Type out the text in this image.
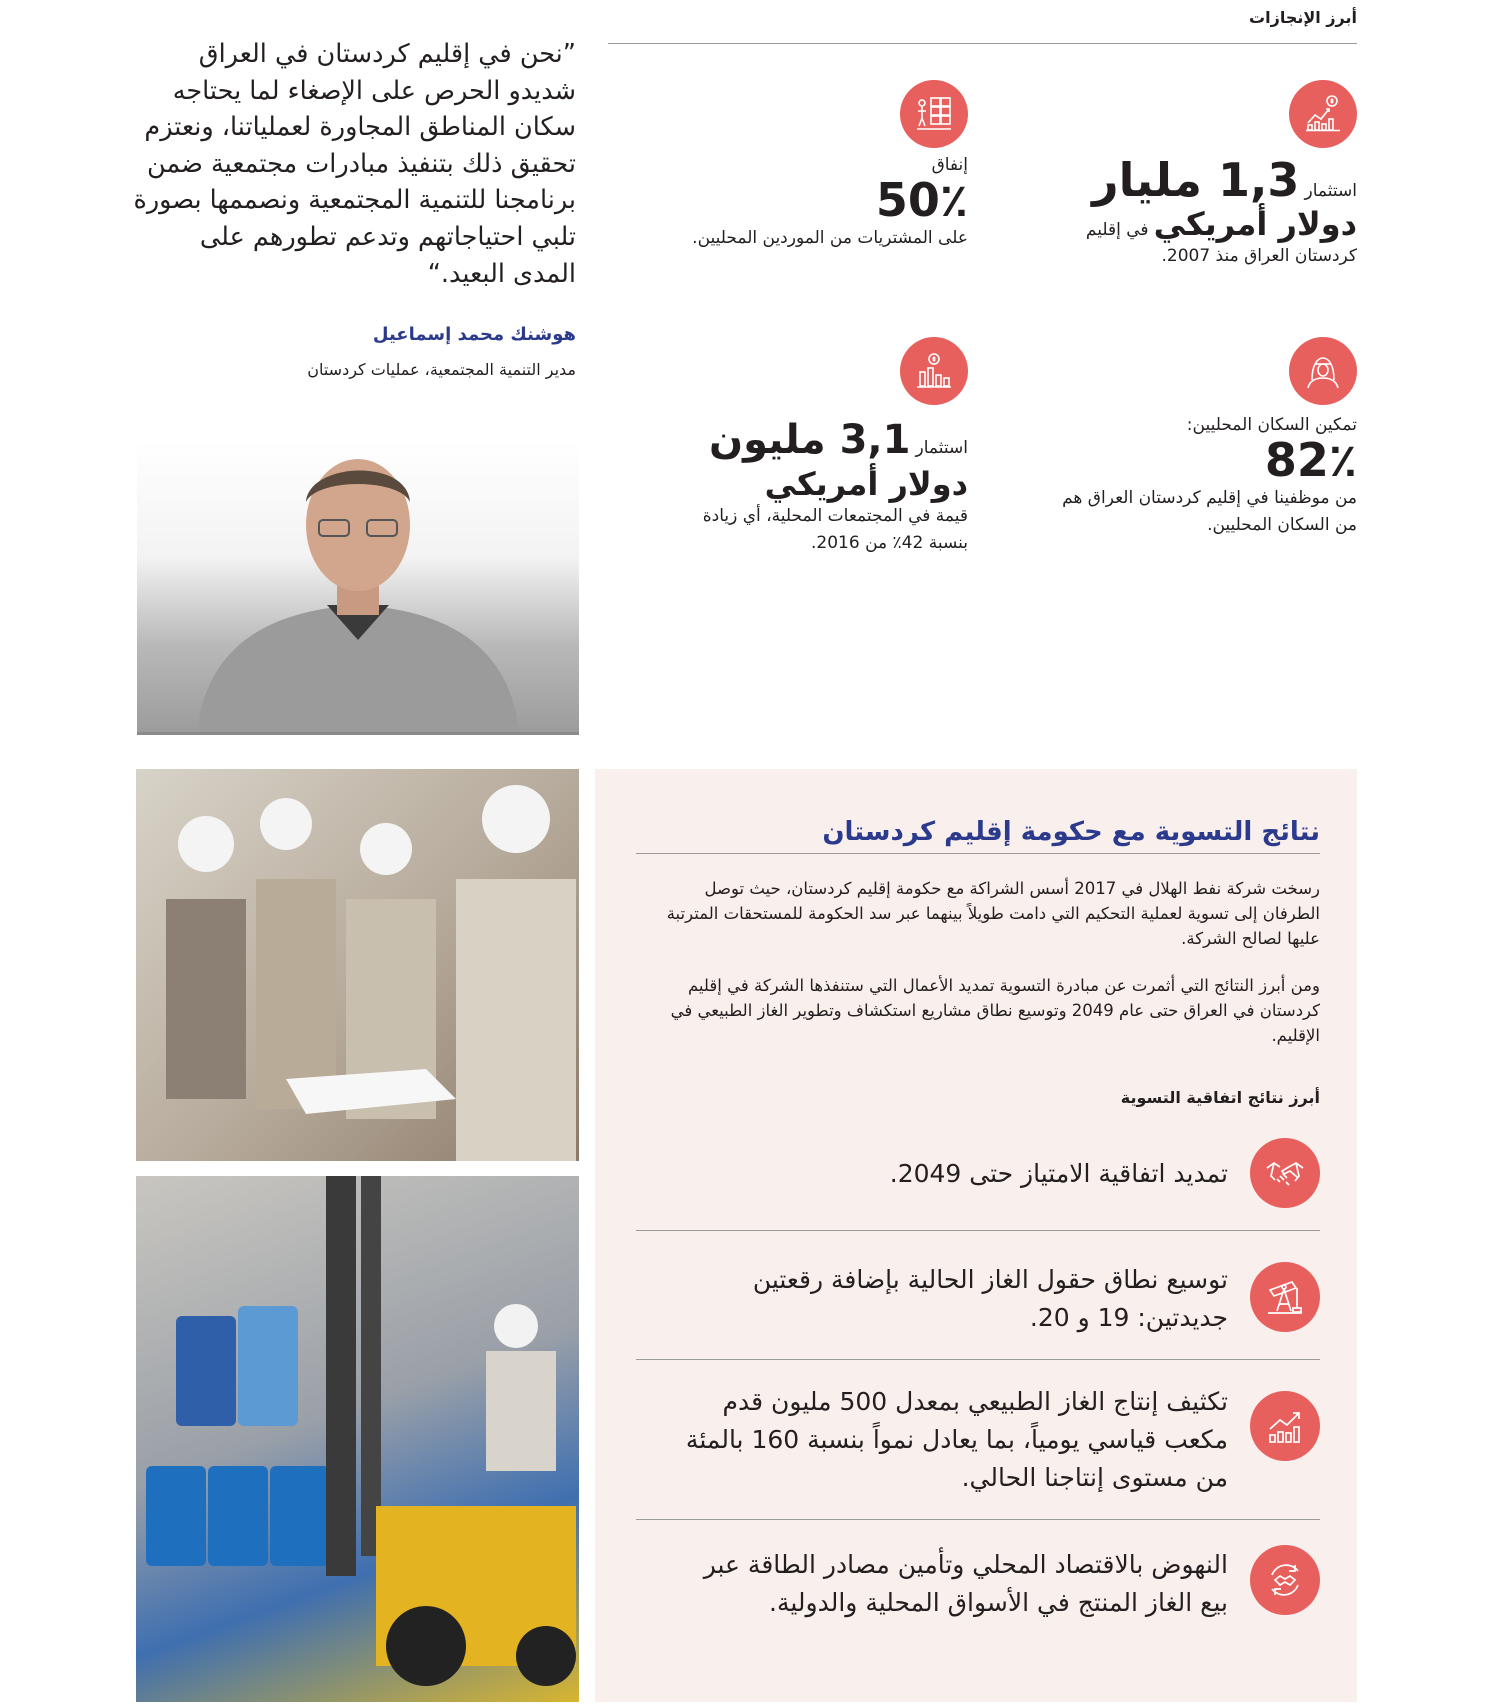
أبرز الإنجازات
استثمار 1,3 مليار
دولار أمريكي في إقليم
كردستان العراق منذ 2007.
إنفاق
50٪
على المشتريات من الموردين المحليين.
تمكين السكان المحليين:
82٪
من موظفينا في إقليم كردستان العراق هم من السكان المحليين.
استثمار 3,1 مليون
دولار أمريكي
قيمة في المجتمعات المحلية، أي زيادة بنسبة 42٪ من 2016.
”نحن في إقليم كردستان في العراق شديدو الحرص على الإصغاء لما يحتاجه سكان المناطق المجاورة لعملياتنا، ونعتزم تحقيق ذلك بتنفيذ مبادرات مجتمعية ضمن برنامجنا للتنمية المجتمعية ونصممها بصورة تلبي احتياجاتهم وتدعم تطورهم على المدى البعيد.“
هوشنك محمد إسماعيل
مدير التنمية المجتمعية، عمليات كردستان
نتائج التسوية مع حكومة إقليم كردستان
رسخت شركة نفط الهلال في 2017 أسس الشراكة مع حكومة إقليم كردستان، حيث توصل الطرفان إلى تسوية لعملية التحكيم التي دامت طويلاً بينهما عبر سد الحكومة للمستحقات المترتبة عليها لصالح الشركة.
ومن أبرز النتائج التي أثمرت عن مبادرة التسوية تمديد الأعمال التي ستنفذها الشركة في إقليم كردستان في العراق حتى عام 2049 وتوسيع نطاق مشاريع استكشاف وتطوير الغاز الطبيعي في الإقليم.
أبرز نتائج اتفاقية التسوية
تمديد اتفاقية الامتياز حتى 2049.
توسيع نطاق حقول الغاز الحالية بإضافة رقعتين جديدتين: 19 و 20.
تكثيف إنتاج الغاز الطبيعي بمعدل 500 مليون قدم مكعب قياسي يومياً، بما يعادل نمواً بنسبة 160 بالمئة من مستوى إنتاجنا الحالي.
النهوض بالاقتصاد المحلي وتأمين مصادر الطاقة عبر بيع الغاز المنتج في الأسواق المحلية والدولية.
